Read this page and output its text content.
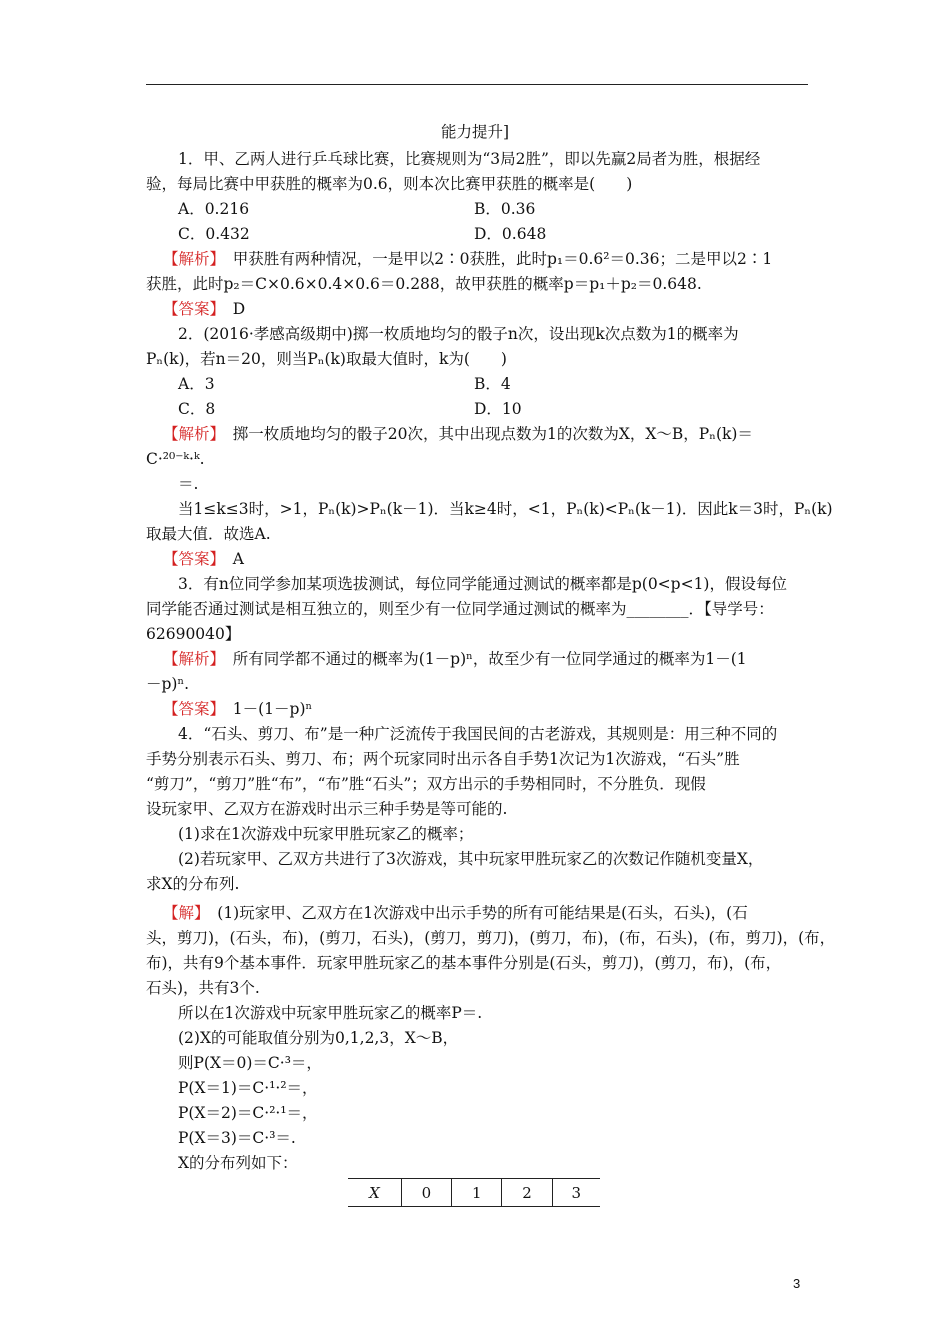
能力提升]
1．甲、乙两人进行乒乓球比赛，比赛规则为“3局2胜”，即以先赢2局者为胜，根据经
验，每局比赛中甲获胜的概率为0.6，则本次比赛甲获胜的概率是(　　)
A．0.216	B．0.36
C．0.432	D．0.648
【解析】　甲获胜有两种情况，一是甲以2∶0获胜，此时p₁＝0.6²＝0.36；二是甲以2∶1
获胜，此时p₂＝C×0.6×0.4×0.6＝0.288，故甲获胜的概率p＝p₁＋p₂＝0.648.
【答案】　D
2．(2016·孝感高级期中)掷一枚质地均匀的骰子n次，设出现k次点数为1的概率为
Pₙ(k)，若n＝20，则当Pₙ(k)取最大值时，k为(　　)
A．3	B．4
C．8	D．10
【解析】　掷一枚质地均匀的骰子20次，其中出现点数为1的次数为X，X～B，Pₙ(k)＝
C·²⁰⁻ᵏ·ᵏ.
＝.
当1≤k≤3时，>1，Pₙ(k)>Pₙ(k－1)．当k≥4时，<1，Pₙ(k)<Pₙ(k－1)．因此k＝3时，Pₙ(k)
取最大值．故选A.
【答案】　A
3．有n位同学参加某项选拔测试，每位同学能通过测试的概率都是p(0<p<1)，假设每位
同学能否通过测试是相互独立的，则至少有一位同学通过测试的概率为________．【导学号：
62690040】
【解析】　所有同学都不通过的概率为(1－p)ⁿ，故至少有一位同学通过的概率为1－(1
－p)ⁿ.
【答案】　1－(1－p)ⁿ
4．“石头、剪刀、布”是一种广泛流传于我国民间的古老游戏，其规则是：用三种不同的
手势分别表示石头、剪刀、布；两个玩家同时出示各自手势1次记为1次游戏，“石头”胜
“剪刀”，“剪刀”胜“布”，“布”胜“石头”；双方出示的手势相同时，不分胜负．现假
设玩家甲、乙双方在游戏时出示三种手势是等可能的.
(1)求在1次游戏中玩家甲胜玩家乙的概率；
(2)若玩家甲、乙双方共进行了3次游戏，其中玩家甲胜玩家乙的次数记作随机变量X，
求X的分布列.
【解】　(1)玩家甲、乙双方在1次游戏中出示手势的所有可能结果是(石头，石头)，(石
头，剪刀)，(石头，布)，(剪刀，石头)，(剪刀，剪刀)，(剪刀，布)，(布，石头)，(布，剪刀)，(布，
布)，共有9个基本事件．玩家甲胜玩家乙的基本事件分别是(石头，剪刀)，(剪刀，布)，(布，
石头)，共有3个.
所以在1次游戏中玩家甲胜玩家乙的概率P＝.
(2)X的可能取值分别为0,1,2,3，X～B，
则P(X＝0)＝C·³＝，
P(X＝1)＝C·¹·²＝，
P(X＝2)＝C·²·¹＝，
P(X＝3)＝C·³＝.
X的分布列如下：
X	0	1	2	3
3
